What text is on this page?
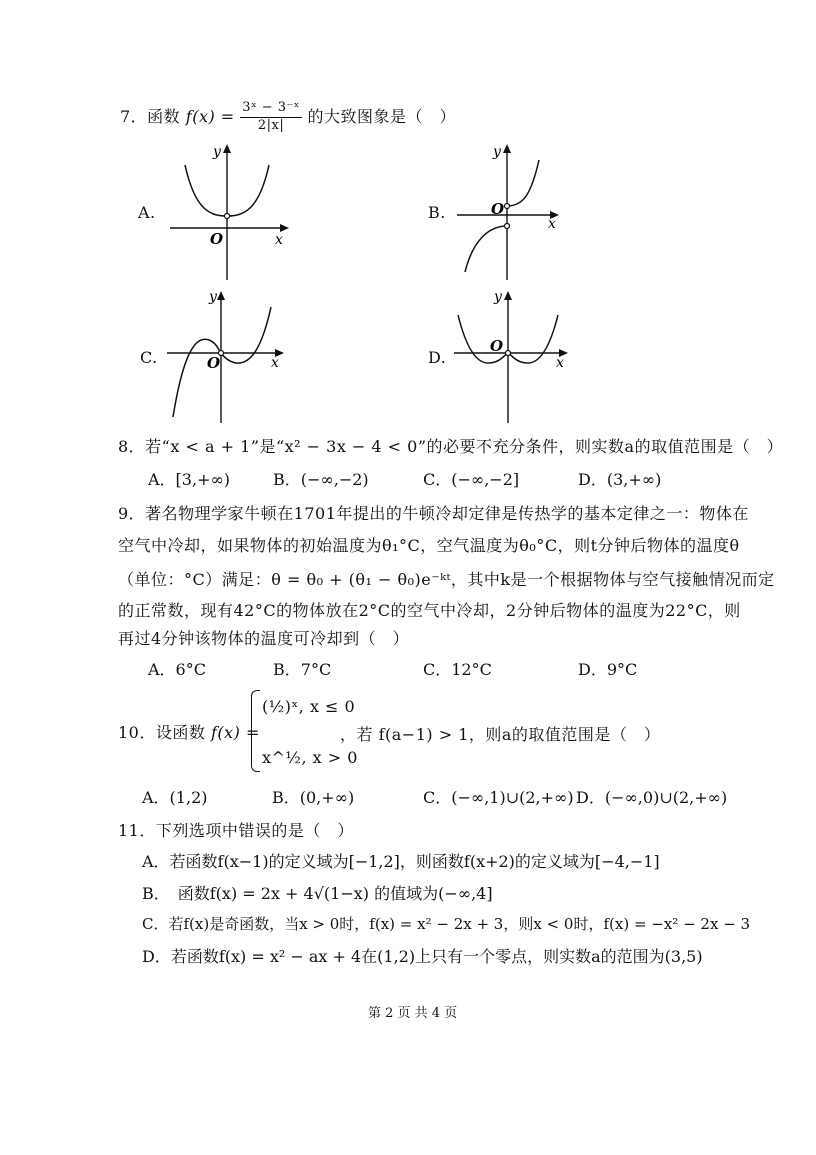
7．函数 $f(x) = \frac{\text{3ˣ − 3⁻ˣ}}{2|x|}$ 的大致图象是（　）
A.
O	x
y
B.	O
x
y
C.	O	x
y
D.
O
x
y
8．若“x < a + 1”是“x² − 3x − 4 < 0”的必要不充分条件，则实数a的取值范围是（　）
A．[3,+∞)	B．(−∞,−2)	C．(−∞,−2]	D．(3,+∞)
9．著名物理学家牛顿在1701年提出的牛顿冷却定律是传热学的基本定律之一：物体在
空气中冷却，如果物体的初始温度为θ₁°C，空气温度为θ₀°C，则t分钟后物体的温度θ
（单位：°C）满足：θ = θ₀ + (θ₁ − θ₀)e⁻ᵏᵗ，其中k是一个根据物体与空气接触情况而定
的正常数，现有42°C的物体放在2°C的空气中冷却，2分钟后物体的温度为22°C，则
再过4分钟该物体的温度可冷却到（　）
A．6°C	B．7°C	C．12°C	D．9°C
10．设函数 f(x) =
(½)ˣ, x ≤ 0
x^½, x > 0
，若 f(a−1) > 1，则a的取值范围是（　）
A．(1,2)	B．(0,+∞)	C．(−∞,1)∪(2,+∞) D．(−∞,0)∪(2,+∞)
11．下列选项中错误的是（　）
A．若函数f(x−1)的定义域为[−1,2]，则函数f(x+2)的定义域为[−4,−1]
B．　函数f(x) = 2x + 4√(1−x) 的值域为(−∞,4]
C．若f(x)是奇函数，当x > 0时，f(x) = x² − 2x + 3，则x < 0时，f(x) = −x² − 2x − 3
D．若函数f(x) = x² − ax + 4在(1,2)上只有一个零点，则实数a的范围为(3,5)
第 2 页 共 4 页
